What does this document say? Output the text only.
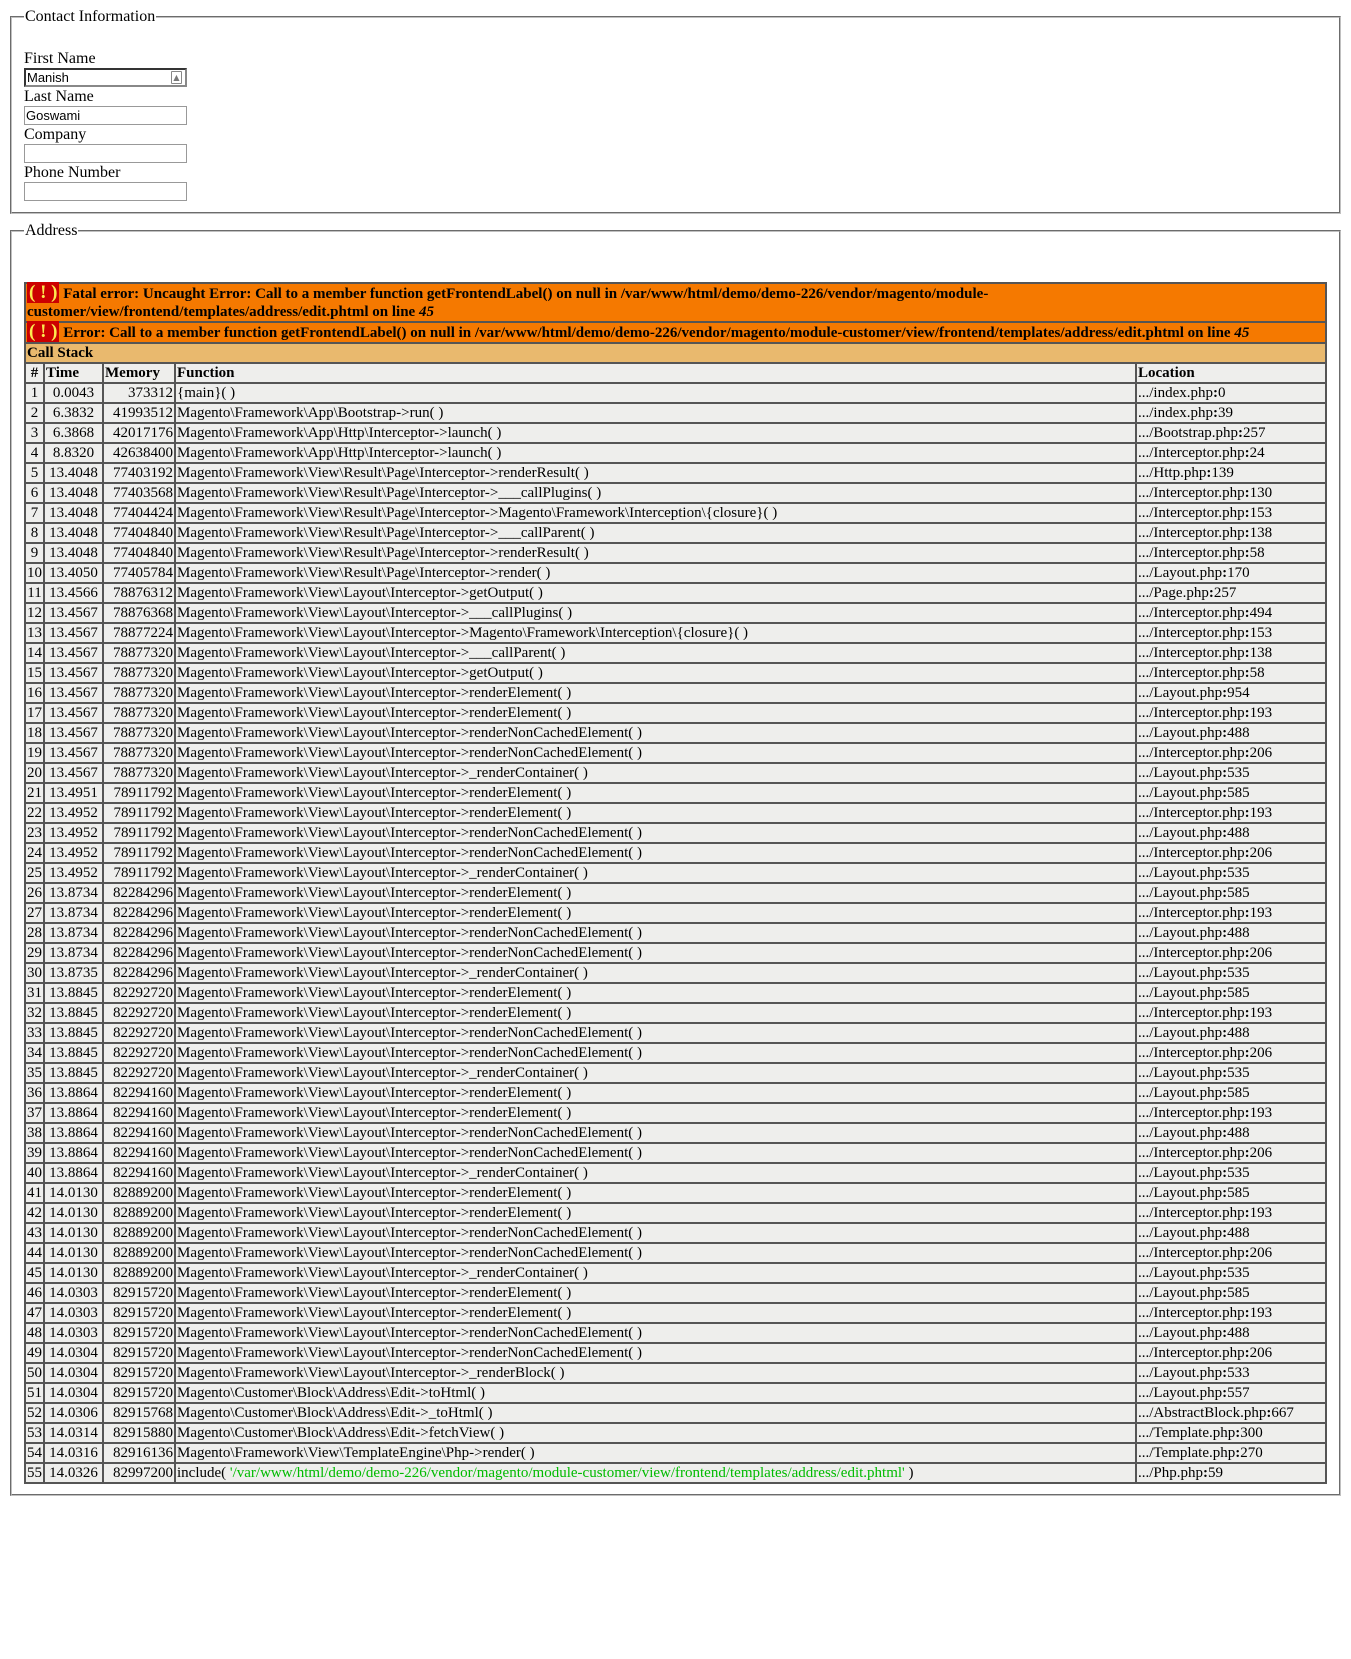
Contact Information
First Name
Manish
▲
Last Name
Goswami
Company
Phone Number
Address
( ! ) Fatal error: Uncaught Error: Call to a member function getFrontendLabel() on null in /var/www/html/demo/demo-226/vendor/magento/module-customer/view/frontend/templates/address/edit.phtml on line 45				
( ! ) Error: Call to a member function getFrontendLabel() on null in /var/www/html/demo/demo-226/vendor/magento/module-customer/view/frontend/templates/address/edit.phtml on line 45				
Call Stack				
#	Time	Memory	Function	Location
1	0.0043	373312	{main}( )	.../index.php:0
2	6.3832	41993512	Magento\Framework\App\Bootstrap->run( )	.../index.php:39
3	6.3868	42017176	Magento\Framework\App\Http\Interceptor->launch( )	.../Bootstrap.php:257
4	8.8320	42638400	Magento\Framework\App\Http\Interceptor->launch( )	.../Interceptor.php:24
5	13.4048	77403192	Magento\Framework\View\Result\Page\Interceptor->renderResult( )	.../Http.php:139
6	13.4048	77403568	Magento\Framework\View\Result\Page\Interceptor->___callPlugins( )	.../Interceptor.php:130
7	13.4048	77404424	Magento\Framework\View\Result\Page\Interceptor->Magento\Framework\Interception\{closure}( )	.../Interceptor.php:153
8	13.4048	77404840	Magento\Framework\View\Result\Page\Interceptor->___callParent( )	.../Interceptor.php:138
9	13.4048	77404840	Magento\Framework\View\Result\Page\Interceptor->renderResult( )	.../Interceptor.php:58
10	13.4050	77405784	Magento\Framework\View\Result\Page\Interceptor->render( )	.../Layout.php:170
11	13.4566	78876312	Magento\Framework\View\Layout\Interceptor->getOutput( )	.../Page.php:257
12	13.4567	78876368	Magento\Framework\View\Layout\Interceptor->___callPlugins( )	.../Interceptor.php:494
13	13.4567	78877224	Magento\Framework\View\Layout\Interceptor->Magento\Framework\Interception\{closure}( )	.../Interceptor.php:153
14	13.4567	78877320	Magento\Framework\View\Layout\Interceptor->___callParent( )	.../Interceptor.php:138
15	13.4567	78877320	Magento\Framework\View\Layout\Interceptor->getOutput( )	.../Interceptor.php:58
16	13.4567	78877320	Magento\Framework\View\Layout\Interceptor->renderElement( )	.../Layout.php:954
17	13.4567	78877320	Magento\Framework\View\Layout\Interceptor->renderElement( )	.../Interceptor.php:193
18	13.4567	78877320	Magento\Framework\View\Layout\Interceptor->renderNonCachedElement( )	.../Layout.php:488
19	13.4567	78877320	Magento\Framework\View\Layout\Interceptor->renderNonCachedElement( )	.../Interceptor.php:206
20	13.4567	78877320	Magento\Framework\View\Layout\Interceptor->_renderContainer( )	.../Layout.php:535
21	13.4951	78911792	Magento\Framework\View\Layout\Interceptor->renderElement( )	.../Layout.php:585
22	13.4952	78911792	Magento\Framework\View\Layout\Interceptor->renderElement( )	.../Interceptor.php:193
23	13.4952	78911792	Magento\Framework\View\Layout\Interceptor->renderNonCachedElement( )	.../Layout.php:488
24	13.4952	78911792	Magento\Framework\View\Layout\Interceptor->renderNonCachedElement( )	.../Interceptor.php:206
25	13.4952	78911792	Magento\Framework\View\Layout\Interceptor->_renderContainer( )	.../Layout.php:535
26	13.8734	82284296	Magento\Framework\View\Layout\Interceptor->renderElement( )	.../Layout.php:585
27	13.8734	82284296	Magento\Framework\View\Layout\Interceptor->renderElement( )	.../Interceptor.php:193
28	13.8734	82284296	Magento\Framework\View\Layout\Interceptor->renderNonCachedElement( )	.../Layout.php:488
29	13.8734	82284296	Magento\Framework\View\Layout\Interceptor->renderNonCachedElement( )	.../Interceptor.php:206
30	13.8735	82284296	Magento\Framework\View\Layout\Interceptor->_renderContainer( )	.../Layout.php:535
31	13.8845	82292720	Magento\Framework\View\Layout\Interceptor->renderElement( )	.../Layout.php:585
32	13.8845	82292720	Magento\Framework\View\Layout\Interceptor->renderElement( )	.../Interceptor.php:193
33	13.8845	82292720	Magento\Framework\View\Layout\Interceptor->renderNonCachedElement( )	.../Layout.php:488
34	13.8845	82292720	Magento\Framework\View\Layout\Interceptor->renderNonCachedElement( )	.../Interceptor.php:206
35	13.8845	82292720	Magento\Framework\View\Layout\Interceptor->_renderContainer( )	.../Layout.php:535
36	13.8864	82294160	Magento\Framework\View\Layout\Interceptor->renderElement( )	.../Layout.php:585
37	13.8864	82294160	Magento\Framework\View\Layout\Interceptor->renderElement( )	.../Interceptor.php:193
38	13.8864	82294160	Magento\Framework\View\Layout\Interceptor->renderNonCachedElement( )	.../Layout.php:488
39	13.8864	82294160	Magento\Framework\View\Layout\Interceptor->renderNonCachedElement( )	.../Interceptor.php:206
40	13.8864	82294160	Magento\Framework\View\Layout\Interceptor->_renderContainer( )	.../Layout.php:535
41	14.0130	82889200	Magento\Framework\View\Layout\Interceptor->renderElement( )	.../Layout.php:585
42	14.0130	82889200	Magento\Framework\View\Layout\Interceptor->renderElement( )	.../Interceptor.php:193
43	14.0130	82889200	Magento\Framework\View\Layout\Interceptor->renderNonCachedElement( )	.../Layout.php:488
44	14.0130	82889200	Magento\Framework\View\Layout\Interceptor->renderNonCachedElement( )	.../Interceptor.php:206
45	14.0130	82889200	Magento\Framework\View\Layout\Interceptor->_renderContainer( )	.../Layout.php:535
46	14.0303	82915720	Magento\Framework\View\Layout\Interceptor->renderElement( )	.../Layout.php:585
47	14.0303	82915720	Magento\Framework\View\Layout\Interceptor->renderElement( )	.../Interceptor.php:193
48	14.0303	82915720	Magento\Framework\View\Layout\Interceptor->renderNonCachedElement( )	.../Layout.php:488
49	14.0304	82915720	Magento\Framework\View\Layout\Interceptor->renderNonCachedElement( )	.../Interceptor.php:206
50	14.0304	82915720	Magento\Framework\View\Layout\Interceptor->_renderBlock( )	.../Layout.php:533
51	14.0304	82915720	Magento\Customer\Block\Address\Edit->toHtml( )	.../Layout.php:557
52	14.0306	82915768	Magento\Customer\Block\Address\Edit->_toHtml( )	.../AbstractBlock.php:667
53	14.0314	82915880	Magento\Customer\Block\Address\Edit->fetchView( )	.../Template.php:300
54	14.0316	82916136	Magento\Framework\View\TemplateEngine\Php->render( )	.../Template.php:270
55	14.0326	82997200	include( '/var/www/html/demo/demo-226/vendor/magento/module-customer/view/frontend/templates/address/edit.phtml' )	.../Php.php:59
